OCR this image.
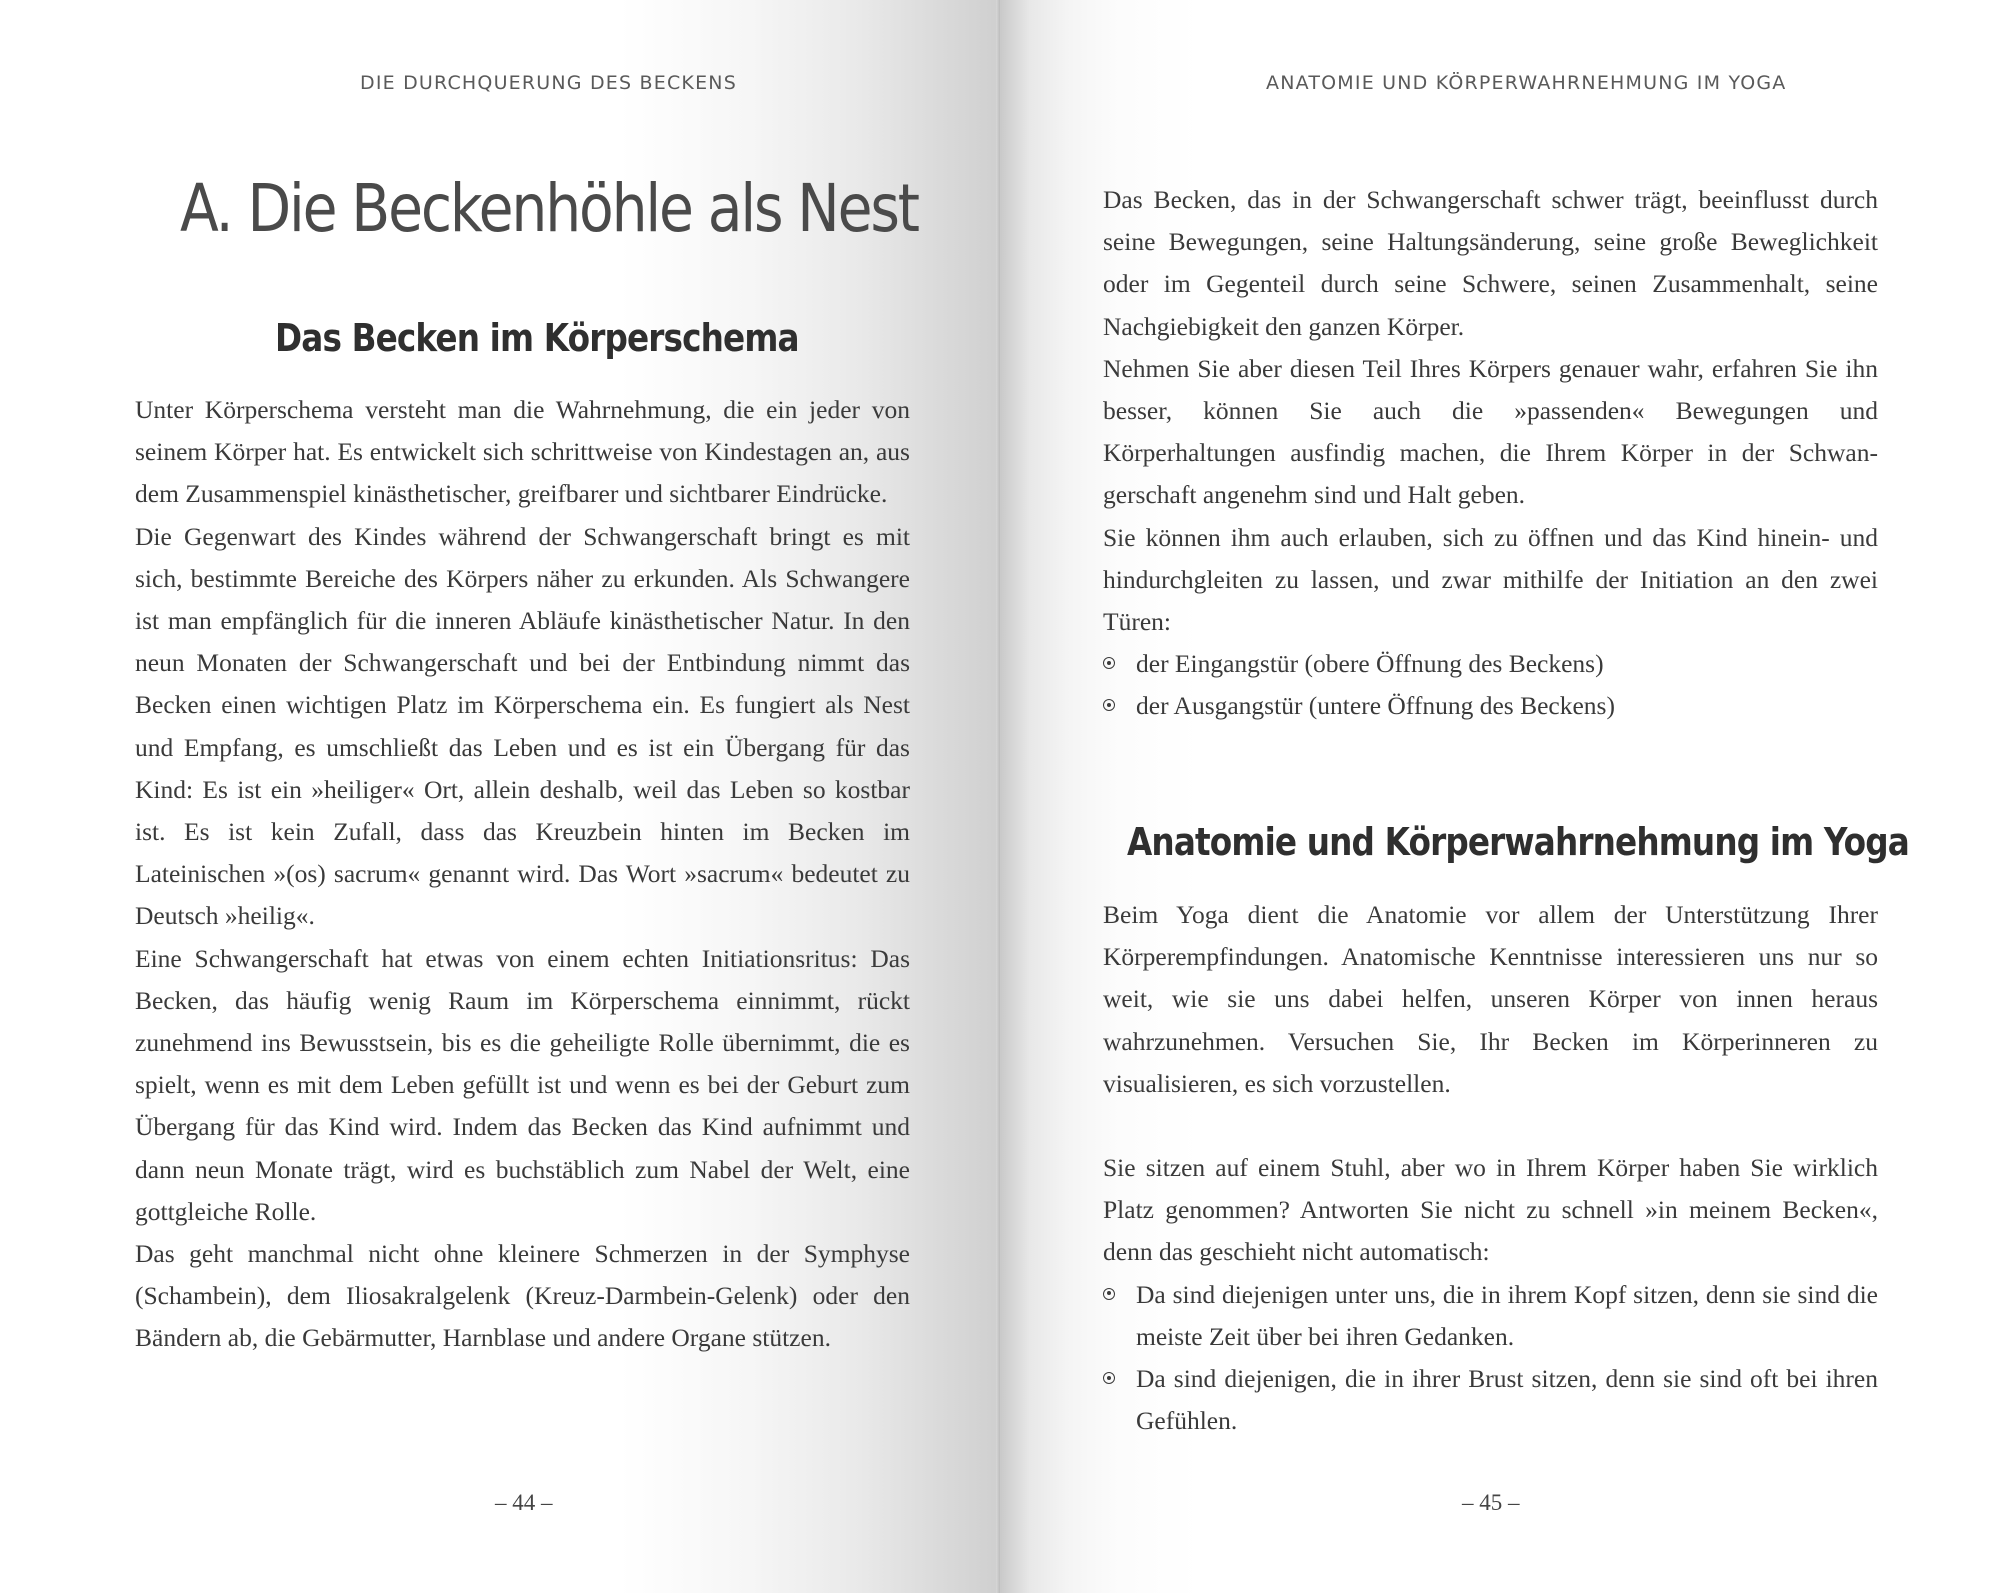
DIE DURCHQUERUNG DES BECKENS
A. Die Beckenhöhle als Nest
Das Becken im Körperschema

Unter Körperschema versteht man die Wahrnehmung, die ein jeder von seinem Körper hat. Es entwickelt sich schrittweise von Kindestagen an, aus dem Zusammenspiel kinästhetischer, greifbarer und sichtbarer Eindrücke.

Die Gegenwart des Kindes während der Schwangerschaft bringt es mit sich, bestimmte Bereiche des Körpers näher zu erkunden. Als Schwangere ist man empfänglich für die inneren Abläufe kinästhetischer Natur. In den neun Monaten der Schwangerschaft und bei der Entbindung nimmt das Becken einen wichtigen Platz im Körperschema ein. Es fungiert als Nest und Empfang, es umschließt das Leben und es ist ein Übergang für das Kind: Es ist ein »heiliger« Ort, allein deshalb, weil das Leben so kostbar ist. Es ist kein Zufall, dass das Kreuzbein hinten im Becken im Lateinischen »(os) sacrum« genannt wird. Das Wort »sacrum« bedeutet zu Deutsch »heilig«.

Eine Schwangerschaft hat etwas von einem echten Initiationsritus: Das Becken, das häufig wenig Raum im Körperschema einnimmt, rückt zunehmend ins Bewusstsein, bis es die geheiligte Rolle übernimmt, die es spielt, wenn es mit dem Leben gefüllt ist und wenn es bei der Geburt zum Übergang für das Kind wird. Indem das Becken das Kind aufnimmt und dann neun Monate trägt, wird es buchstäblich zum Nabel der Welt, eine gottgleiche Rolle.

Das geht manchmal nicht ohne kleinere Schmerzen in der Symphyse (Schambein), dem Iliosakralgelenk (Kreuz-Darmbein-Gelenk) oder den Bändern ab, die Gebärmutter, Harnblase und andere Organe stützen.

– 44 –
ANATOMIE UND KÖRPERWAHRNEHMUNG IM YOGA

Das Becken, das in der Schwangerschaft schwer trägt, beeinflusst durch seine Bewegungen, seine Haltungsänderung, seine große Beweglichkeit oder im Gegenteil durch seine Schwere, seinen Zusammenhalt, seine Nachgiebigkeit den ganzen Körper.

Nehmen Sie aber diesen Teil Ihres Körpers genauer wahr, erfahren Sie ihn besser, können Sie auch die »passenden« Bewegungen und Körperhaltungen ausfindig machen, die Ihrem Körper in der Schwangerschaft angenehm sind und Halt geben.

Sie können ihm auch erlauben, sich zu öffnen und das Kind hinein- und hindurchgleiten zu lassen, und zwar mithilfe der Initiation an den zwei Türen:

der Eingangstür (obere Öffnung des Beckens)
der Ausgangstür (untere Öffnung des Beckens)
Anatomie und Körperwahrnehmung im Yoga

Beim Yoga dient die Anatomie vor allem der Unterstützung Ihrer Körperempfindungen. Anatomische Kenntnisse interessieren uns nur so weit, wie sie uns dabei helfen, unseren Körper von innen heraus wahrzunehmen. Versuchen Sie, Ihr Becken im Körperinneren zu visualisieren, es sich vorzustellen.

Sie sitzen auf einem Stuhl, aber wo in Ihrem Körper haben Sie wirklich Platz genommen? Antworten Sie nicht zu schnell »in meinem Becken«, denn das geschieht nicht automatisch:

Da sind diejenigen unter uns, die in ihrem Kopf sitzen, denn sie sind die meiste Zeit über bei ihren Gedanken.
Da sind diejenigen, die in ihrer Brust sitzen, denn sie sind oft bei ihren Gefühlen.
– 45 –
